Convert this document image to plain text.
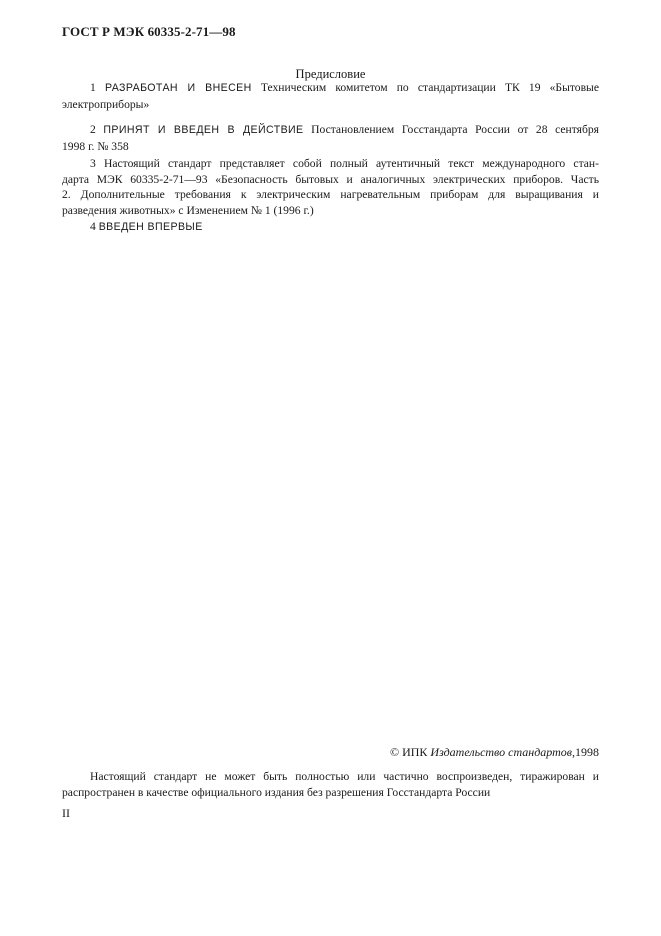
ГОСТ Р МЭК 60335-2-71—98
Предисловие
1 РАЗРАБОТАН И ВНЕСЕН Техническим комитетом по стандартизации ТК 19 «Бытовые
электроприборы»
2 ПРИНЯТ И ВВЕДЕН В ДЕЙСТВИЕ Постановлением Госстандарта России от 28 сентября
1998 г. № 358
3 Настоящий стандарт представляет собой полный аутентичный текст международного стан-
дарта МЭК 60335-2-71—93 «Безопасность бытовых и аналогичных электрических приборов. Часть
2. Дополнительные требования к электрическим нагревательным приборам для выращивания и
разведения животных» с Изменением № 1 (1996 г.)
4 ВВЕДЕН ВПЕРВЫЕ
© ИПК Издательство стандартов,1998
Настоящий стандарт не может быть полностью или частично воспроизведен, тиражирован и
распространен в качестве официального издания без разрешения Госстандарта России
II
